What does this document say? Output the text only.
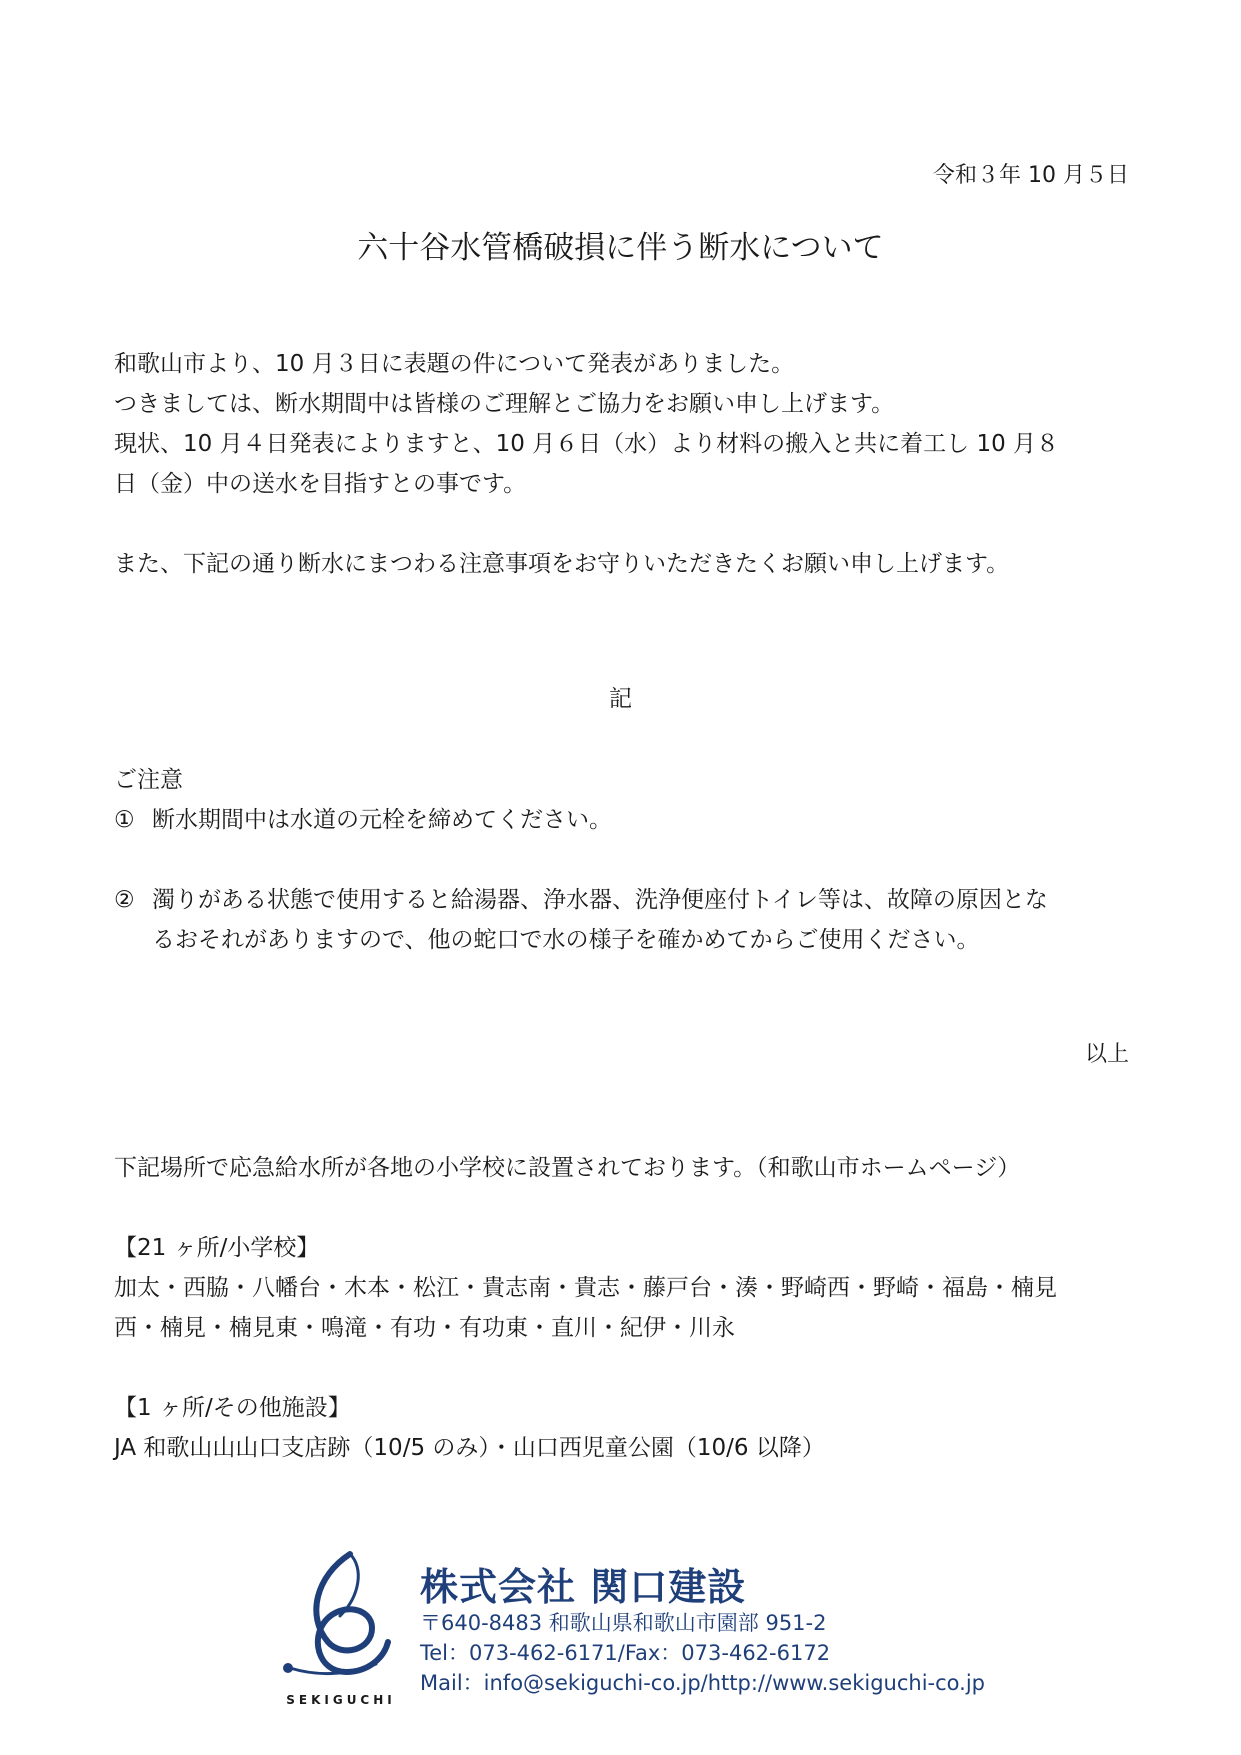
令和３年 10 月５日
六十谷水管橋破損に伴う断水について
和歌山市より、10 月３日に表題の件について発表がありました。
つきましては、断水期間中は皆様のご理解とご協力をお願い申し上げます。
現状、10 月４日発表によりますと、10 月６日（水）より材料の搬入と共に着工し 10 月８
日（金）中の送水を目指すとの事です。
また、下記の通り断水にまつわる注意事項をお守りいただきたくお願い申し上げます。
記
ご注意
① 断水期間中は水道の元栓を締めてください。
② 濁りがある状態で使用すると給湯器、浄水器、洗浄便座付トイレ等は、故障の原因とな
るおそれがありますので、他の蛇口で水の様子を確かめてからご使用ください。
以上
下記場所で応急給水所が各地の小学校に設置されております。（和歌山市ホームページ）
【21 ヶ所/小学校】
加太・西脇・八幡台・木本・松江・貴志南・貴志・藤戸台・湊・野崎西・野崎・福島・楠見
西・楠見・楠見東・鳴滝・有功・有功東・直川・紀伊・川永
【1 ヶ所/その他施設】
JA 和歌山山山口支店跡（10/5 のみ）・山口西児童公園（10/6 以降）
SEKIGUCHI
株式会社 関口建設
〒640-8483 和歌山県和歌山市園部 951-2
Tel：073-462-6171/Fax：073-462-6172
Mail：info@sekiguchi-co.jp/http://www.sekiguchi-co.jp
